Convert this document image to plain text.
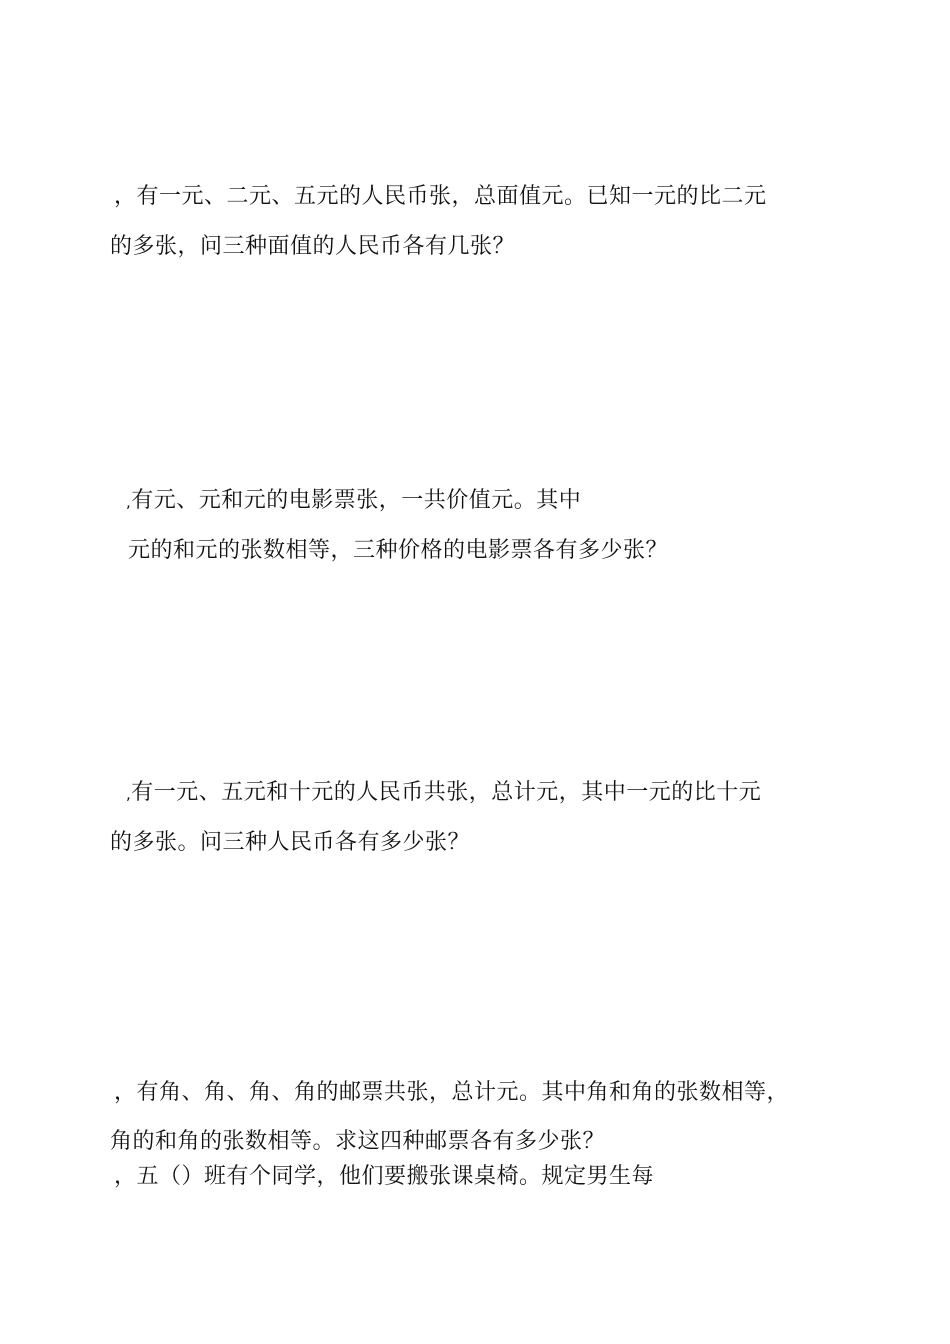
，有一元、二元、五元的人民币张，总面值元。已知一元的比二元
的多张，问三种面值的人民币各有几张？
,有元、元和元的电影票张，一共价值元。其中
元的和元的张数相等，三种价格的电影票各有多少张？
,有一元、五元和十元的人民币共张，总计元，其中一元的比十元
的多张。问三种人民币各有多少张？
，有角、角、角、角的邮票共张，总计元。其中角和角的张数相等，
角的和角的张数相等。求这四种邮票各有多少张？
，五（）班有个同学，他们要搬张课桌椅。规定男生每
